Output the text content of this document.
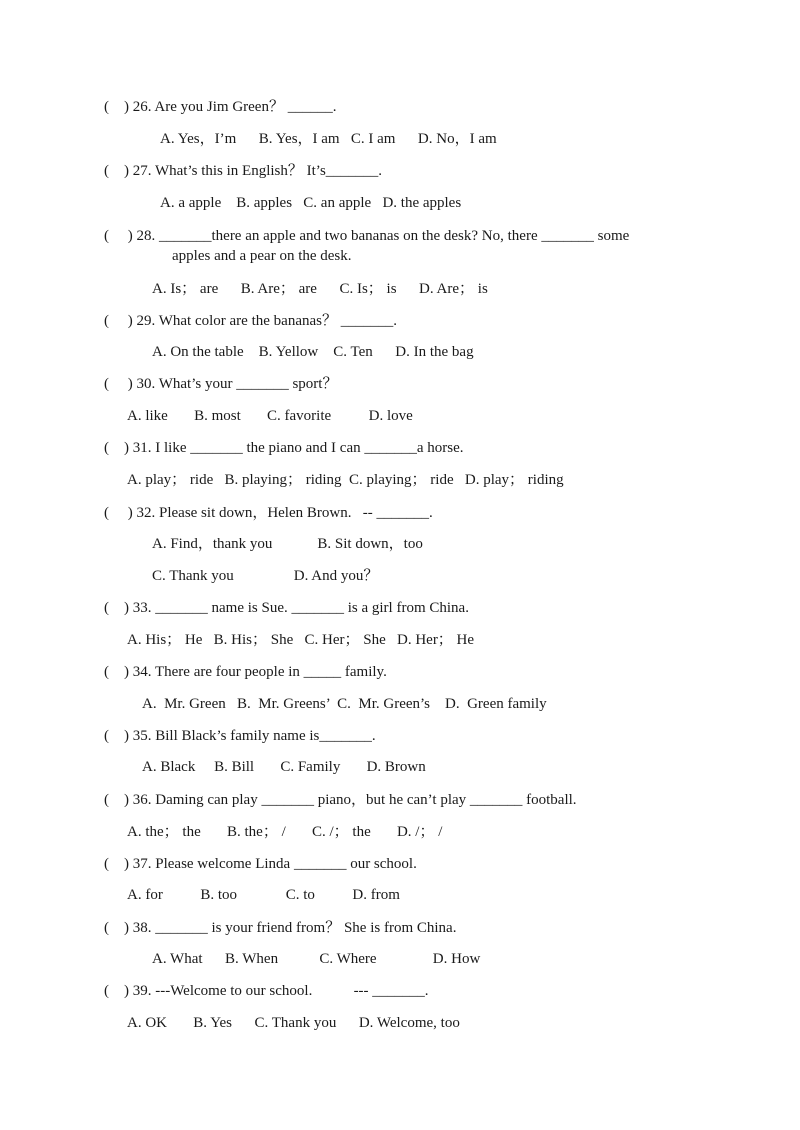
(    ) 26. Are you Jim Green？ ______.
A. Yes，I’m      B. Yes，I am   C. I am      D. No，I am
(    ) 27. What’s this in English？ It’s_______.
A. a apple    B. apples   C. an apple   D. the apples
(     ) 28. _______there an apple and two bananas on the desk? No, there _______ some
apples and a pear on the desk.
A. Is； are      B. Are； are      C. Is； is      D. Are； is
(     ) 29. What color are the bananas？ _______.
A. On the table    B. Yellow    C. Ten      D. In the bag
(     ) 30. What’s your _______ sport？
A. like       B. most       C. favorite          D. love
(    ) 31. I like _______ the piano and I can _______a horse.
A. play； ride   B. playing； riding  C. playing； ride   D. play； riding
(     ) 32. Please sit down，Helen Brown.   -- _______.
A. Find，thank you            B. Sit down，too
C. Thank you                D. And you？
(    ) 33. _______ name is Sue. _______ is a girl from China.
A. His； He   B. His； She   C. Her； She   D. Her； He
(    ) 34. There are four people in _____ family.
A.  Mr. Green   B.  Mr. Greens’  C.  Mr. Green’s    D.  Green family
(    ) 35. Bill Black’s family name is_______.
A. Black     B. Bill       C. Family       D. Brown
(    ) 36. Daming can play _______ piano，but he can’t play _______ football.
A. the； the       B. the； /       C. /； the       D. /； /
(    ) 37. Please welcome Linda _______ our school.
A. for          B. too             C. to          D. from
(    ) 38. _______ is your friend from？ She is from China.
A. What      B. When           C. Where               D. How
(    ) 39. ---Welcome to our school.           --- _______.
A. OK       B. Yes      C. Thank you      D. Welcome, too
